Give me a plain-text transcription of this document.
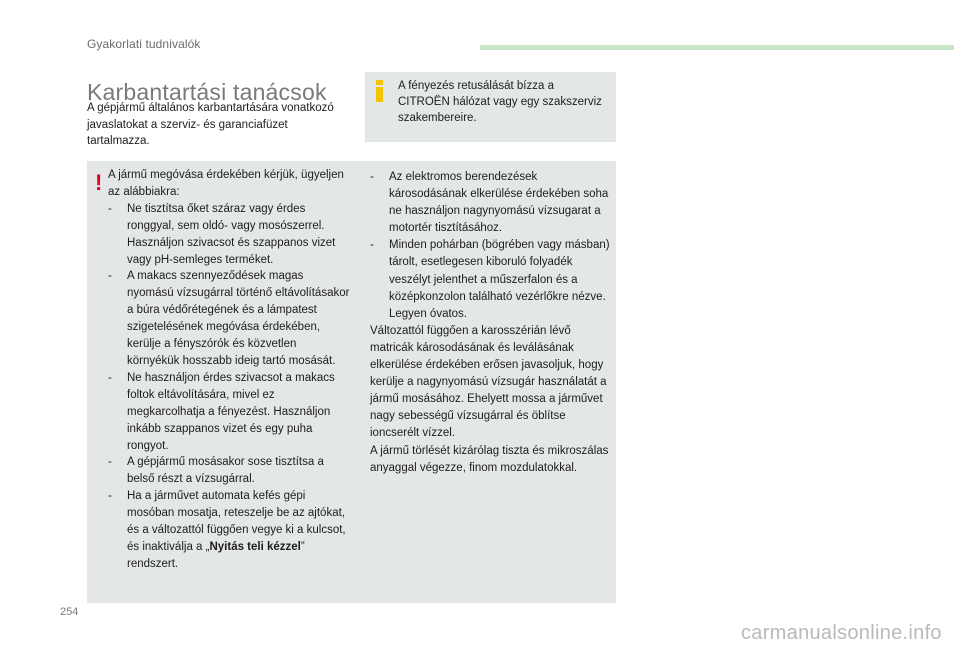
Gyakorlati tudnivalók
Karbantartási tanácsok

A gépjármű általános karbantartására vonatkozó javaslatokat a szerviz- és garanciafüzet tartalmazza.

A fényezés retusálását bízza a CITROËN hálózat vagy egy szakszerviz szakembereire.

! A jármű megóvása érdekében kérjük, ügyeljen az alábbiakra:

- Ne tisztítsa őket száraz vagy érdes ronggyal, sem oldó- vagy mosószerrel. Használjon szivacsot és szappanos vizet vagy pH-semleges terméket.
- A makacs szennyeződések magas nyomású vízsugárral történő eltávolításakor a búra védőrétegének és a lámpatest szigetelésének megóvása érdekében, kerülje a fényszórók és közvetlen környékük hosszabb ideig tartó mosását.
- Ne használjon érdes szivacsot a makacs foltok eltávolítására, mivel ez megkarcolhatja a fényezést. Használjon inkább szappanos vizet és egy puha rongyot.
- A gépjármű mosásakor sose tisztítsa a belső részt a vízsugárral.
- Ha a járművet automata kefés gépi mosóban mosatja, reteszelje be az ajtókat, és a változattól függően vegye ki a kulcsot, és inaktiválja a „Nyitás teli kézzel” rendszert.
- Az elektromos berendezések károsodásának elkerülése érdekében soha ne használjon nagynyomású vízsugarat a motortér tisztításához.
- Minden pohárban (bögrében vagy másban) tárolt, esetlegesen kiboruló folyadék veszélyt jelenthet a műszerfalon és a középkonzolon található vezérlőkre nézve. Legyen óvatos.

Változattól függően a karosszérián lévő matricák károsodásának és leválásának elkerülése érdekében erősen javasoljuk, hogy kerülje a nagynyomású vízsugár használatát a jármű mosásához. Ehelyett mossa a járművet nagy sebességű vízsugárral és öblítse ioncserélt vízzel.

A jármű törlését kizárólag tiszta és mikroszálas anyaggal végezze, finom mozdulatokkal.

254
carmanualsonline.info
